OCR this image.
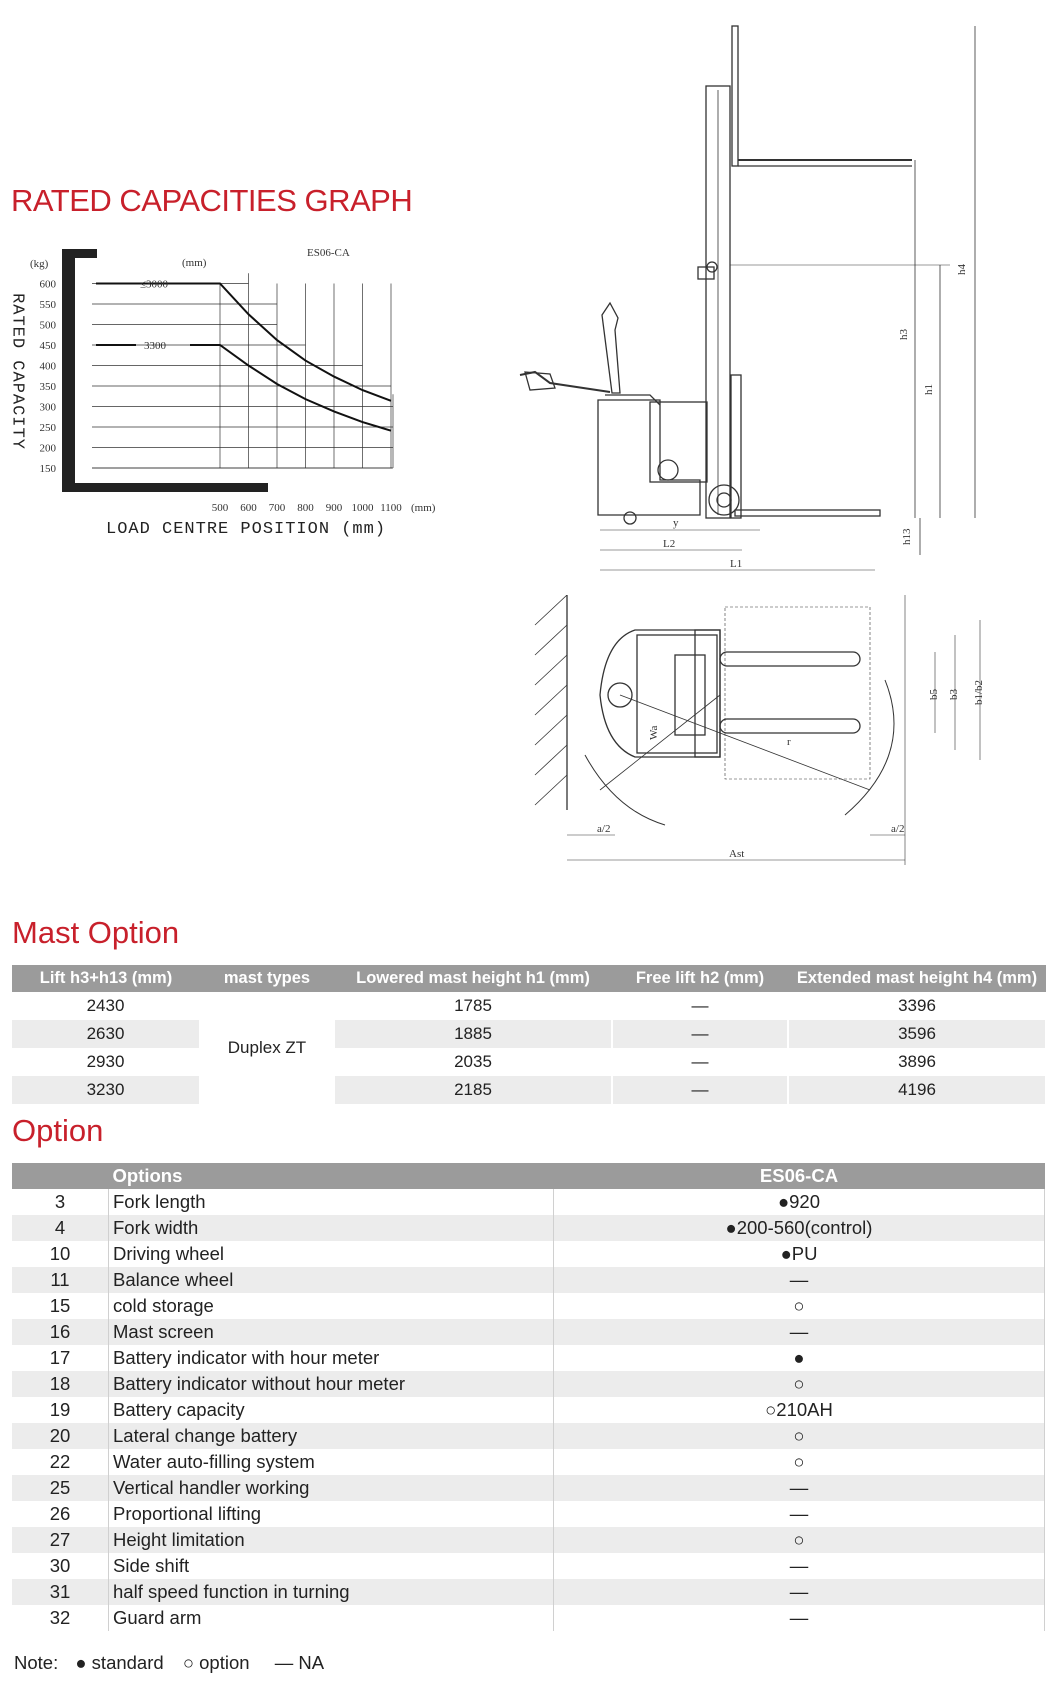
RATED CAPACITIES GRAPH
(kg)	(mm)
ES06-CA
(mm)
600
550
500
450
400
350
300
250
200
150
500 600 700 800 900 1000 1100
≤3000
3300
RATED CAPACITY
LOAD CENTRE POSITION (mm)
h4
h3
h1
h13
y
L2
L1
b5 b3 b1/b2
Wa
r
a/2	a/2
Ast
Mast Option
Lift h3+h13 (mm)	mast types	Lowered mast height h1 (mm)	Free lift h2 (mm)	Extended mast height h4 (mm)
2430	Duplex ZT	1785	—	3396
2630		1885	—	3596
2930		2035	—	3896
3230		2185	—	4196
Option
	Options	ES06-CA
3	Fork length	●920
4	Fork width	●200-560(control)
10	Driving wheel	●PU
11	Balance wheel	—
15	cold storage	○
16	Mast screen	—
17	Battery indicator with hour meter	●
18	Battery indicator without hour meter	○
19	Battery capacity	○210AH
20	Lateral change battery	○
22	Water auto-filling system	○
25	Vertical handler working	—
26	Proportional lifting	—
27	Height limitation	○
30	Side shift	—
31	half speed function in turning	—
32	Guard arm	—
Note: ● standard ○ option — NA
